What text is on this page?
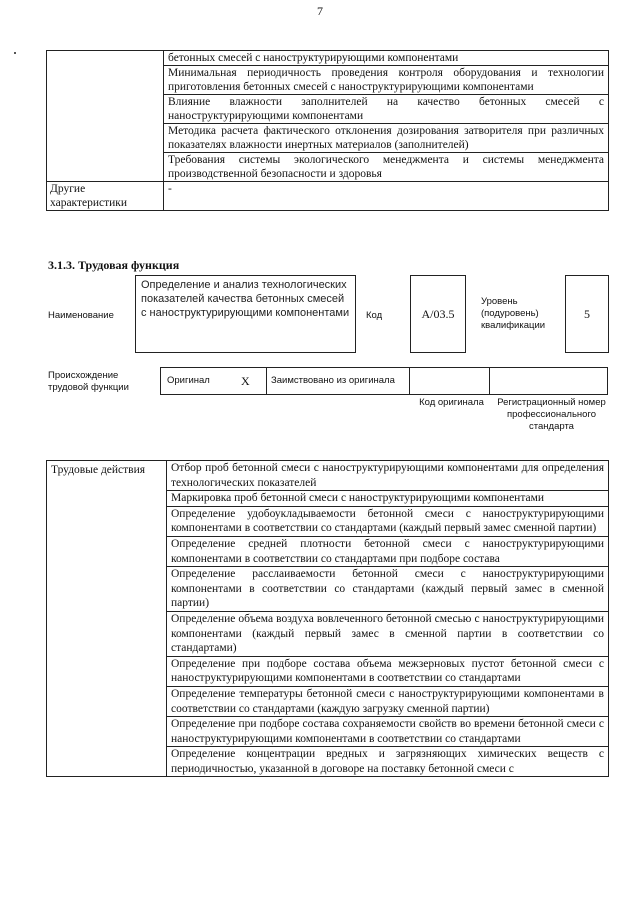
7
	бетонных смесей с наноструктурирующими компонентами
	Минимальная периодичность проведения контроля оборудования и технологии приготовления бетонных смесей с наноструктурирующими компонентами
	Влияние влажности заполнителей на качество бетонных смесей с наноструктурирующими компонентами
	Методика расчета фактического отклонения дозирования затворителя при различных показателях влажности инертных материалов (заполнителей)
	Требования системы экологического менеджмента и системы менеджмента производственной безопасности и здоровья
Другие характеристики	-
3.1.3. Трудовая функция
Наименование
Определение и анализ технологических показателей качества бетонных смесей с наноструктурирующими компонентами	Код	A/03.5
Уровень (подуровень) квалификации
5
Происхождение трудовой функции
Оригинал	X	Заимствовано из оригинала
Код оригинала	Регистрационный номер профессионального стандарта
Трудовые действия	Отбор проб бетонной смеси с наноструктурирующими компонентами для определения технологических показателей
Маркировка проб бетонной смеси с наноструктурирующими компонентами
Определение удобоукладываемости бетонной смеси с наноструктурирующими компонентами в соответствии со стандартами (каждый первый замес сменной партии)
Определение средней плотности бетонной смеси с наноструктурирующими компонентами в соответствии со стандартами при подборе состава
Определение расслаиваемости бетонной смеси с наноструктурирующими компонентами в соответствии со стандартами (каждый первый замес в сменной партии)
Определение объема воздуха вовлеченного бетонной смесью с наноструктурирующими компонентами (каждый первый замес в сменной партии в соответствии со стандартами)
Определение при подборе состава объема межзерновых пустот бетонной смеси с наноструктурирующими компонентами в соответствии со стандартами
Определение температуры бетонной смеси с наноструктурирующими компонентами в соответствии со стандартами (каждую загрузку сменной партии)
Определение при подборе состава сохраняемости свойств во времени бетонной смеси с наноструктурирующими компонентами в соответствии со стандартами
Определение концентрации вредных и загрязняющих химических веществ с периодичностью, указанной в договоре на поставку бетонной смеси с
